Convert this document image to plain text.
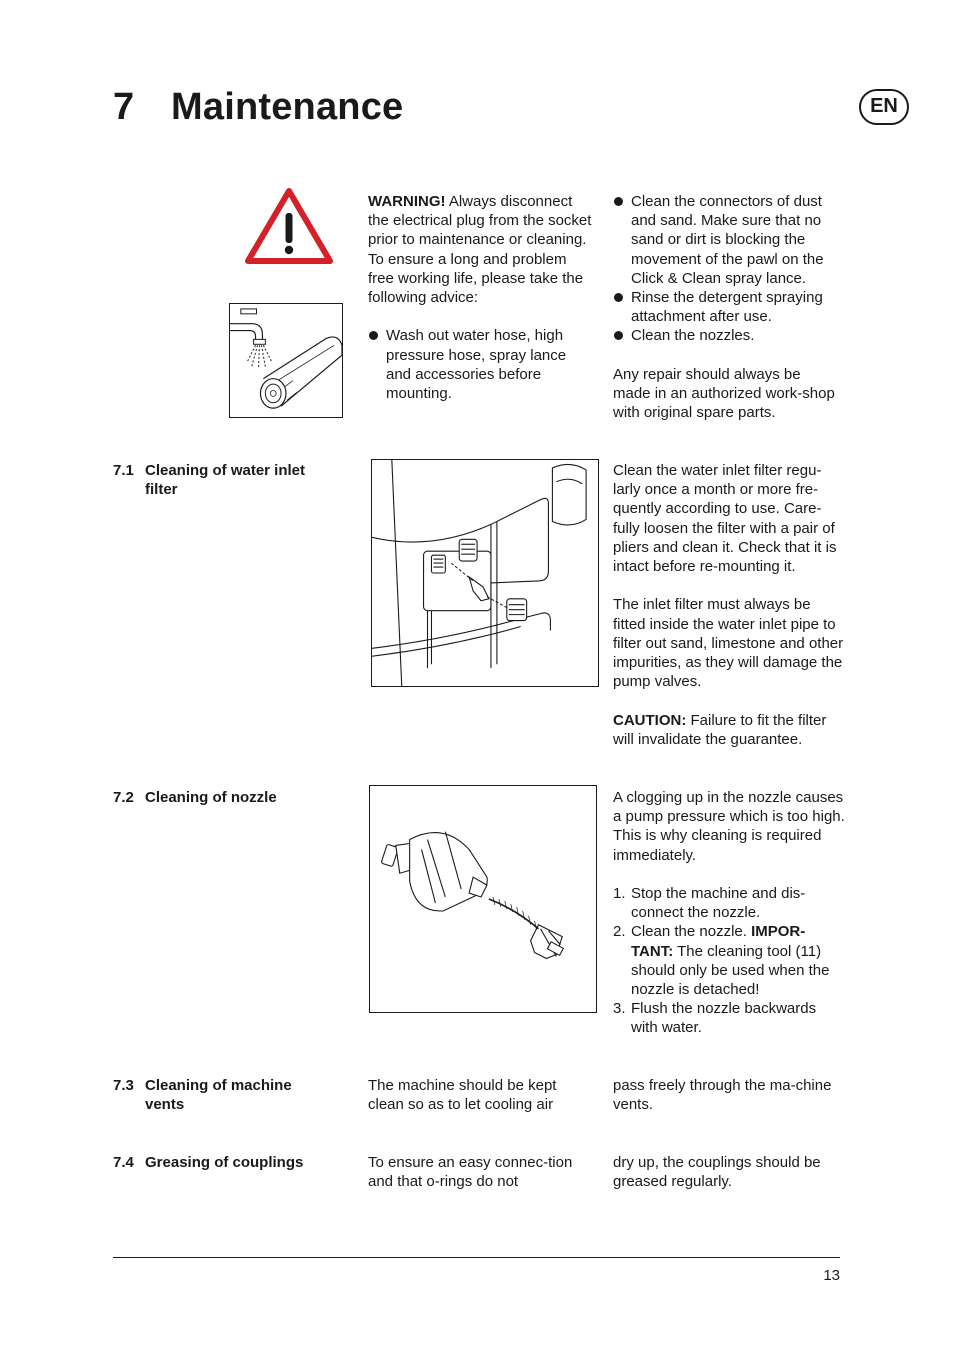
7 Maintenance	EN

WARNING! Always disconnect the electrical plug from the socket prior to maintenance or cleaning.

To ensure a long and problem free working life, please take the following advice:

Wash out water hose, high pressure hose, spray lance and accessories before mounting.

Clean the connectors of dust and sand. Make sure that no sand or dirt is blocking the movement of the pawl on the Click & Clean spray lance.

Rinse the detergent spraying attachment after use.

Clean the nozzles.

Any repair should always be made in an authorized work-shop with original spare parts.

7.1 Cleaning of water inlet filter

Clean the water inlet filter regu-larly once a month or more fre-quently according to use. Care-fully loosen the filter with a pair of pliers and clean it. Check that it is intact before re-mounting it.

The inlet filter must always be fitted inside the water inlet pipe to filter out sand, limestone and other impurities, as they will damage the pump valves.

CAUTION: Failure to fit the filter will invalidate the guarantee.

7.2 Cleaning of nozzle	A clogging up in the nozzle causes a pump pressure which is too high. This is why cleaning is required immediately.

1. Stop the machine and dis-connect the nozzle.

2. Clean the nozzle. IMPOR-TANT: The cleaning tool (11) should only be used when the nozzle is detached!

3. Flush the nozzle backwards with water.

7.3 Cleaning of machine vents
The machine should be kept clean so as to let cooling air
pass freely through the ma-chine vents.
7.4 Greasing of couplings	To ensure an easy connec-tion and that o-rings do not
dry up, the couplings should be greased regularly.
13
